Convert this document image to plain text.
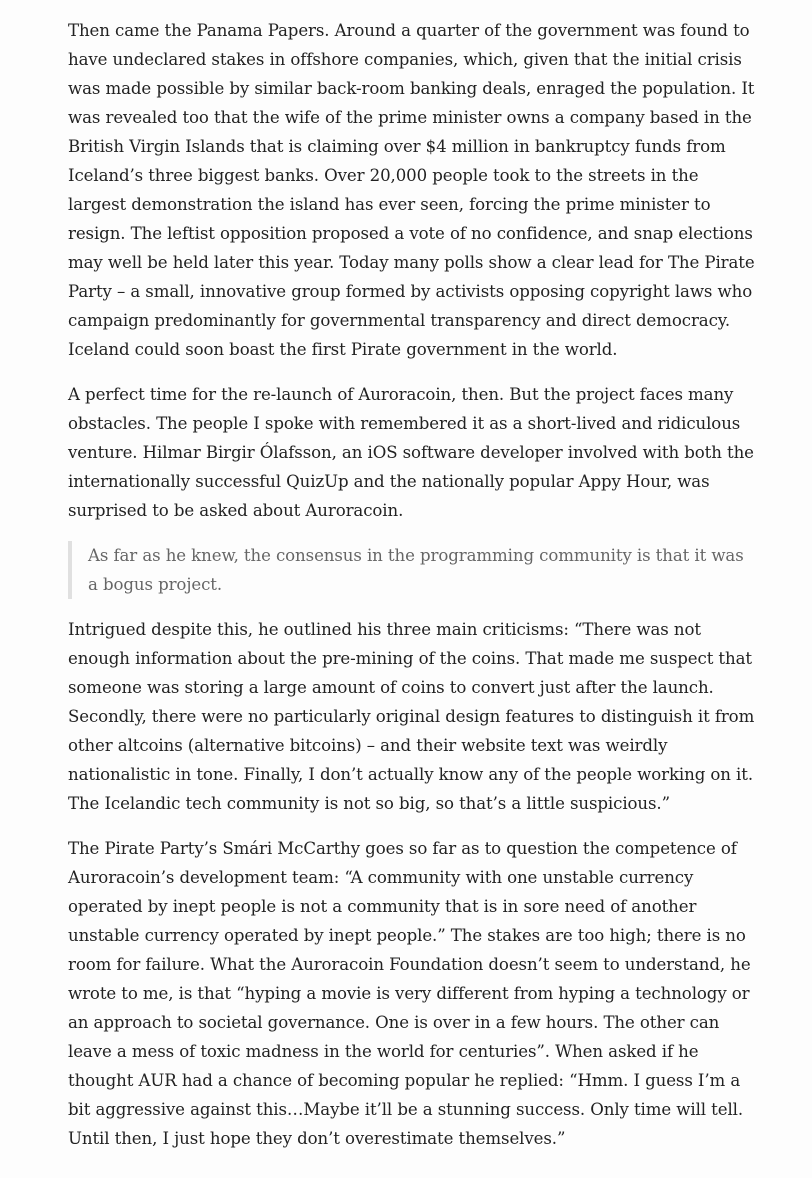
Then came the Panama Papers. Around a quarter of the government was found to have undeclared stakes in offshore companies, which, given that the initial crisis was made possible by similar back-room banking deals, enraged the population. It was revealed too that the wife of the prime minister owns a company based in the British Virgin Islands that is claiming over $4 million in bankruptcy funds from Iceland’s three biggest banks. Over 20,000 people took to the streets in the largest demonstration the island has ever seen, forcing the prime minister to resign. The leftist opposition proposed a vote of no confidence, and snap elections may well be held later this year. Today many polls show a clear lead for The Pirate Party – a small, innovative group formed by activists opposing copyright laws who campaign predominantly for governmental transparency and direct democracy. Iceland could soon boast the first Pirate government in the world.

A perfect time for the re-launch of Auroracoin, then. But the project faces many obstacles. The people I spoke with remembered it as a short-lived and ridiculous venture. Hilmar Birgir Ólafsson, an iOS software developer involved with both the internationally successful QuizUp and the nationally popular Appy Hour, was surprised to be asked about Auroracoin.

As far as he knew, the consensus in the programming community is that it was a bogus project.

Intrigued despite this, he outlined his three main criticisms: “There was not enough information about the pre-mining of the coins. That made me suspect that someone was storing a large amount of coins to convert just after the launch. Secondly, there were no particularly original design features to distinguish it from other altcoins (alternative bitcoins) – and their website text was weirdly nationalistic in tone. Finally, I don’t actually know any of the people working on it. The Icelandic tech community is not so big, so that’s a little suspicious.”

The Pirate Party’s Smári McCarthy goes so far as to question the competence of Auroracoin’s development team: “A community with one unstable currency operated by inept people is not a community that is in sore need of another unstable currency operated by inept people.” The stakes are too high; there is no room for failure. What the Auroracoin Foundation doesn’t seem to understand, he wrote to me, is that “hyping a movie is very different from hyping a technology or an approach to societal governance. One is over in a few hours. The other can leave a mess of toxic madness in the world for centuries”. When asked if he thought AUR had a chance of becoming popular he replied: “Hmm. I guess I’m a bit aggressive against this…Maybe it’ll be a stunning success. Only time will tell. Until then, I just hope they don’t overestimate themselves.”
